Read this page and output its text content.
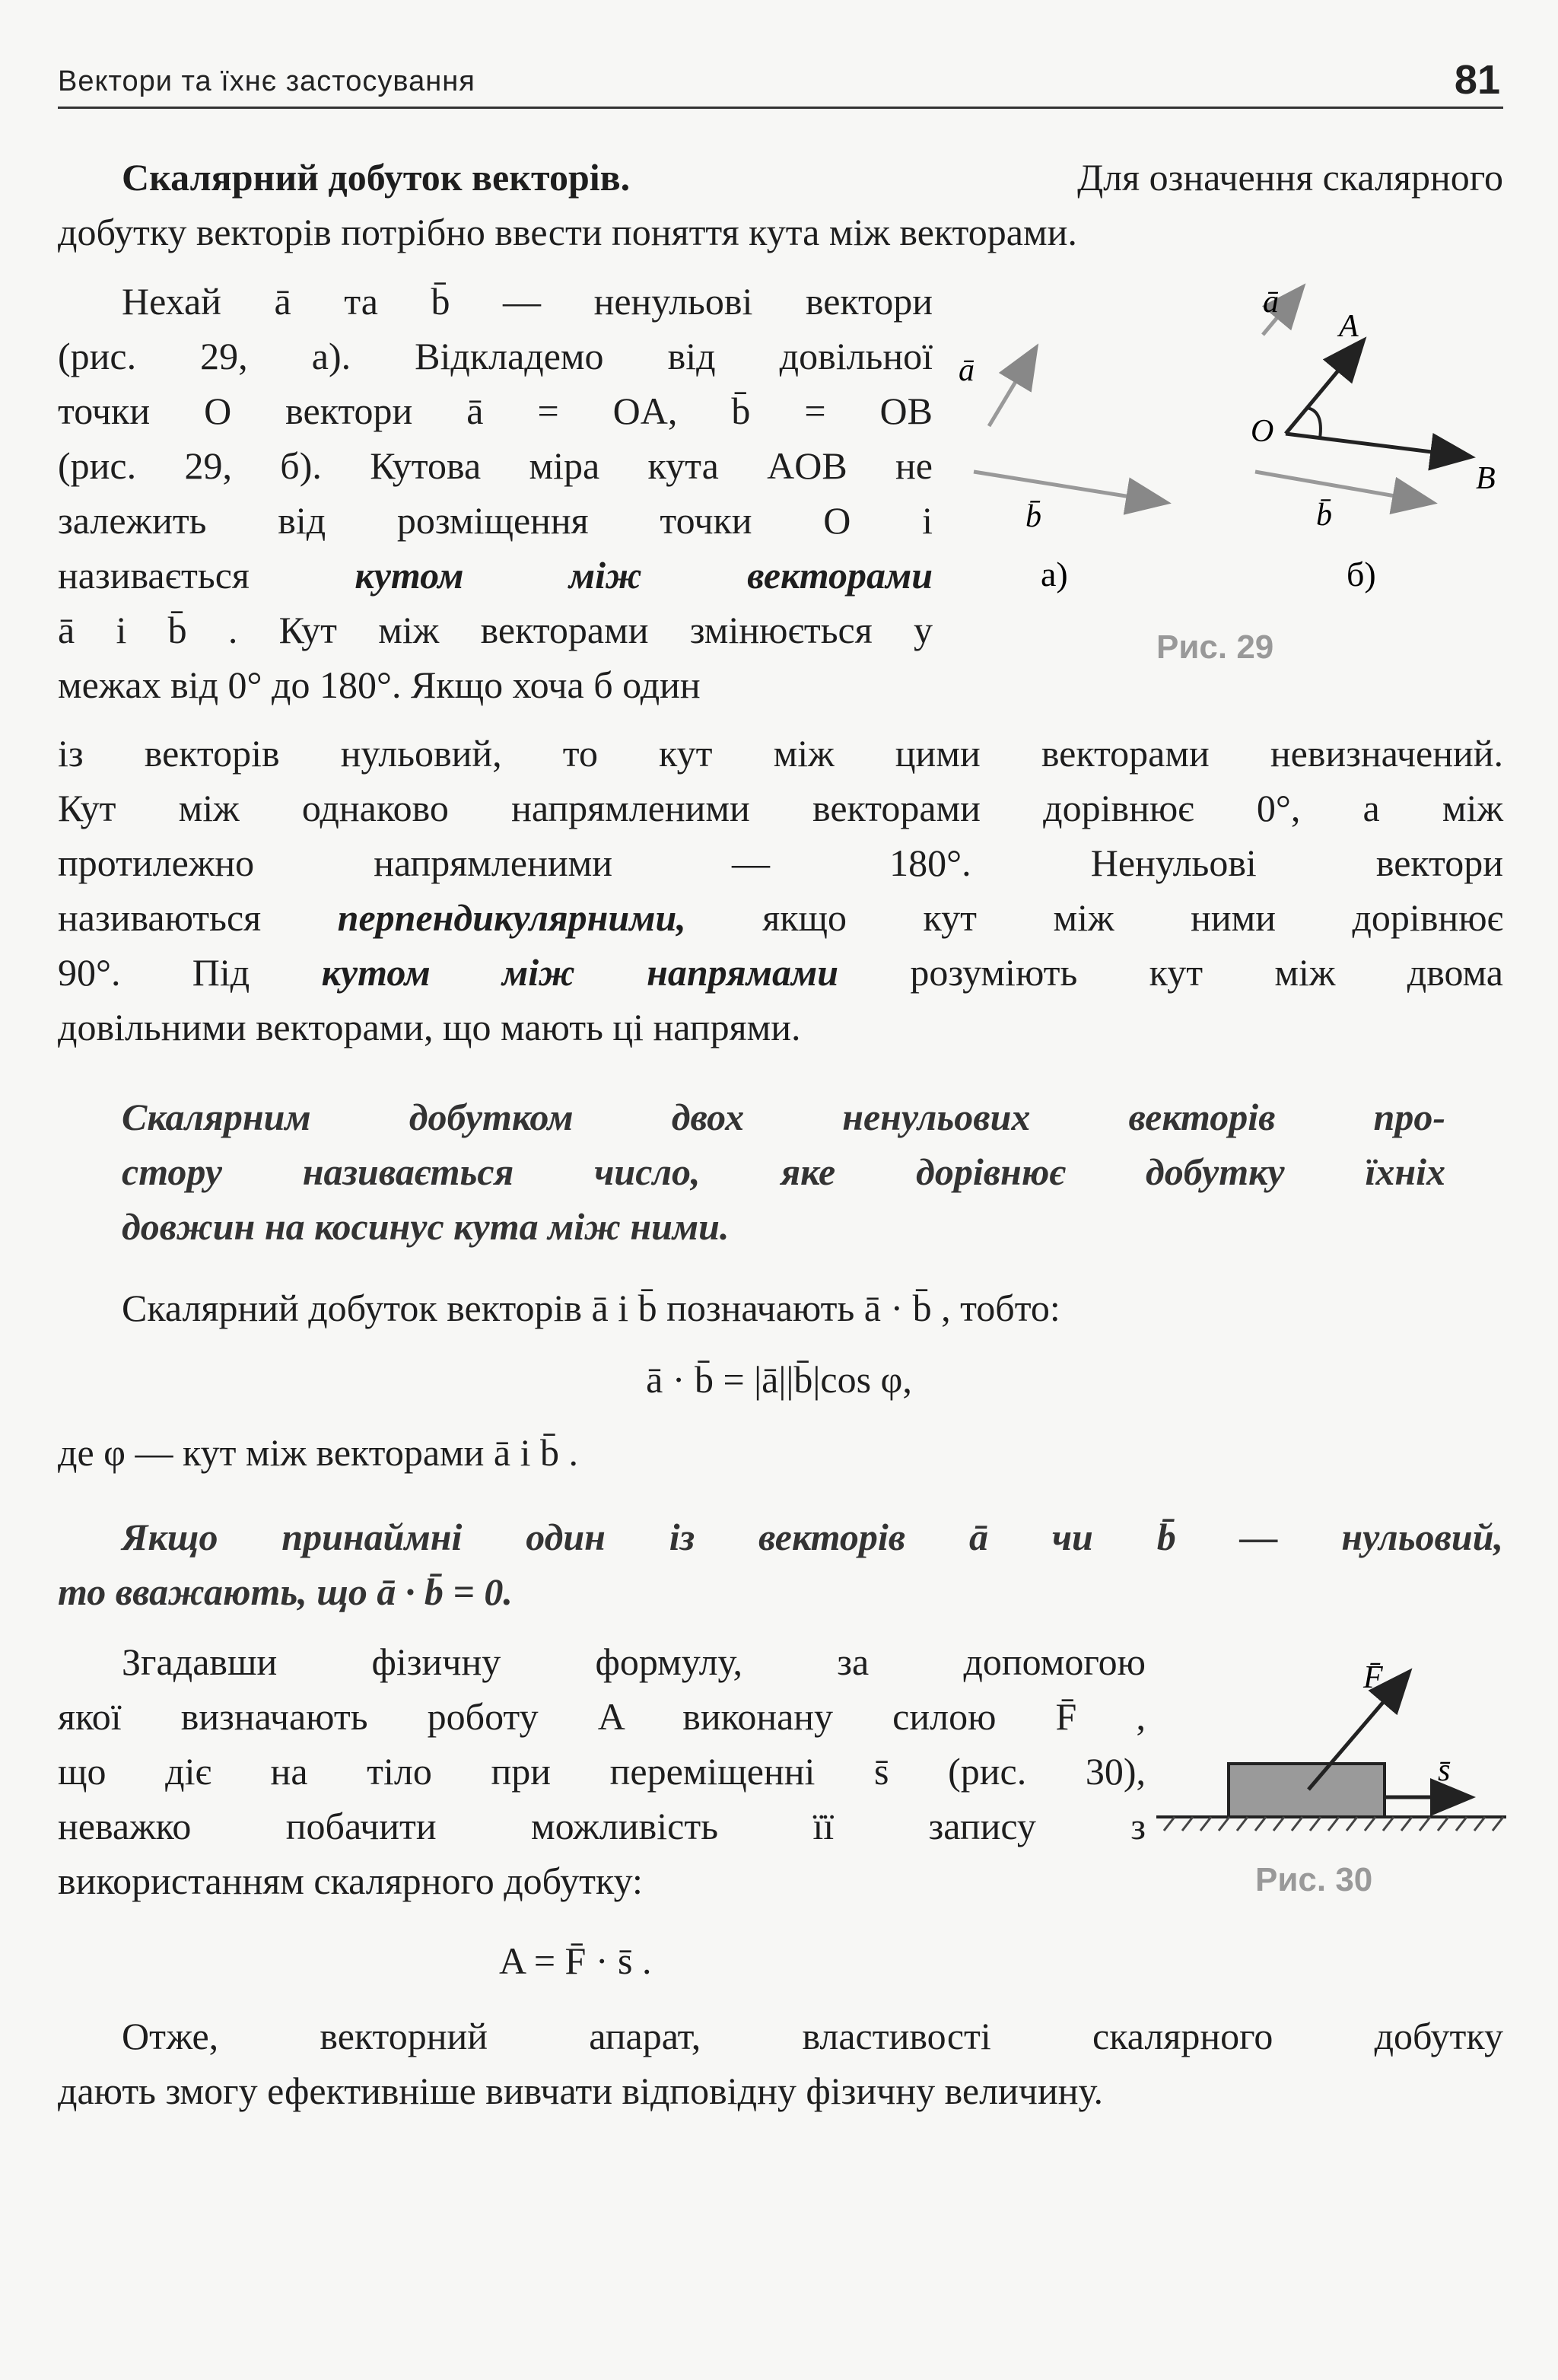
Вектори та їхнє застосування	81
Скалярний добуток векторів.	Для означення скалярного
добутку векторів потрібно ввести поняття кута між векторами.
Нехай ā та b̄ — ненульові вектори
(рис. 29, а). Відкладемо від довільної
точки O вектори ā = OA, b̄ = OB
(рис. 29, б). Кутова міра кута AOB не
залежить від розміщення точки O і
називається кутом між векторами
ā і b̄ . Кут між векторами змінюється у
межах від 0° до 180°. Якщо хоча б один
ā
b̄
а)
ā
A
B
O
b̄
б)
Рис. 29
із векторів нульовий, то кут між цими векторами невизначений.
Кут між однаково напрямленими векторами дорівнює 0°, а між
протилежно напрямленими — 180°. Ненульові вектори
називаються перпендикулярними, якщо кут між ними дорівнює
90°. Під кутом між напрямами розуміють кут між двома
довільними векторами, що мають ці напрями.
Скалярним добутком двох ненульових векторів про-
стору називається число, яке дорівнює добутку їхніх
довжин на косинус кута між ними.
Скалярний добуток векторів ā і b̄ позначають ā · b̄ , тобто:
ā · b̄ = |ā||b̄|cos φ,
де φ — кут між векторами ā і b̄ .
Якщо принаймні один із векторів ā чи b̄ — нульовий,
то вважають, що ā · b̄ = 0.
Згадавши фізичну формулу, за допомогою
якої визначають роботу A виконану силою F̄ ,
що діє на тіло при переміщенні s̄ (рис. 30),
неважко побачити можливість її запису з
використанням скалярного добутку:
F̄
s̄
Рис. 30
A = F̄ · s̄ .
Отже, векторний апарат, властивості скалярного добутку
дають змогу ефективніше вивчати відповідну фізичну величину.
